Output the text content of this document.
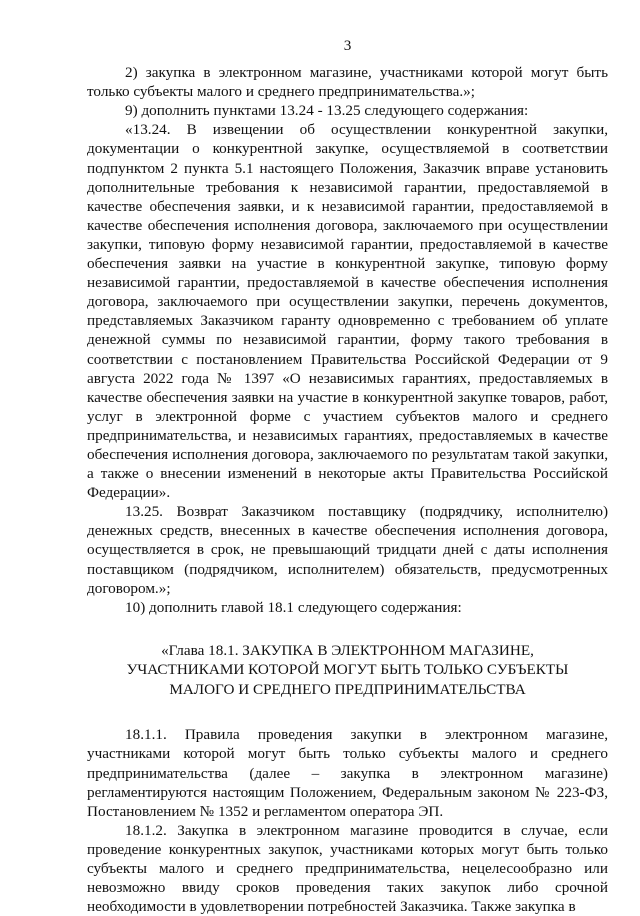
3

2) закупка в электронном магазине, участниками которой могут быть только субъекты малого и среднего предпринимательства.»;

9) дополнить пунктами 13.24 - 13.25 следующего содержания:

«13.24. В извещении об осуществлении конкурентной закупки, документации о конкурентной закупке, осуществляемой в соответствии подпунктом 2 пункта 5.1 настоящего Положения, Заказчик вправе установить дополнительные требования к независимой гарантии, предоставляемой в качестве обеспечения заявки, и к независимой гарантии, предоставляемой в качестве обеспечения исполнения договора, заключаемого при осуществлении закупки, типовую форму независимой гарантии, предоставляемой в качестве обеспечения заявки на участие в конкурентной закупке, типовую форму независимой гарантии, предоставляемой в качестве обеспечения исполнения договора, заключаемого при осуществлении закупки, перечень документов, представляемых Заказчиком гаранту одновременно с требованием об уплате денежной суммы по независимой гарантии, форму такого требования в соответствии с постановлением Правительства Российской Федерации от 9 августа 2022 года № 1397 «О независимых гарантиях, предоставляемых в качестве обеспечения заявки на участие в конкурентной закупке товаров, работ, услуг в электронной форме с участием субъектов малого и среднего предпринимательства, и независимых гарантиях, предоставляемых в качестве обеспечения исполнения договора, заключаемого по результатам такой закупки, а также о внесении изменений в некоторые акты Правительства Российской Федерации».

13.25. Возврат Заказчиком поставщику (подрядчику, исполнителю) денежных средств, внесенных в качестве обеспечения исполнения договора, осуществляется в срок, не превышающий тридцати дней с даты исполнения поставщиком (подрядчиком, исполнителем) обязательств, предусмотренных договором.»;

10) дополнить главой 18.1 следующего содержания:

«Глава 18.1. ЗАКУПКА В ЭЛЕКТРОННОМ МАГАЗИНЕ,
УЧАСТНИКАМИ КОТОРОЙ МОГУТ БЫТЬ ТОЛЬКО СУБЪЕКТЫ
МАЛОГО И СРЕДНЕГО ПРЕДПРИНИМАТЕЛЬСТВА

18.1.1. Правила проведения закупки в электронном магазине, участниками которой могут быть только субъекты малого и среднего предпринимательства (далее – закупка в электронном магазине) регламентируются настоящим Положением, Федеральным законом № 223-ФЗ, Постановлением № 1352 и регламентом оператора ЭП.

18.1.2. Закупка в электронном магазине проводится в случае, если проведение конкурентных закупок, участниками которых могут быть только субъекты малого и среднего предпринимательства, нецелесообразно или невозможно ввиду сроков проведения таких закупок либо срочной необходимости в удовлетворении потребностей Заказчика. Также закупка в
